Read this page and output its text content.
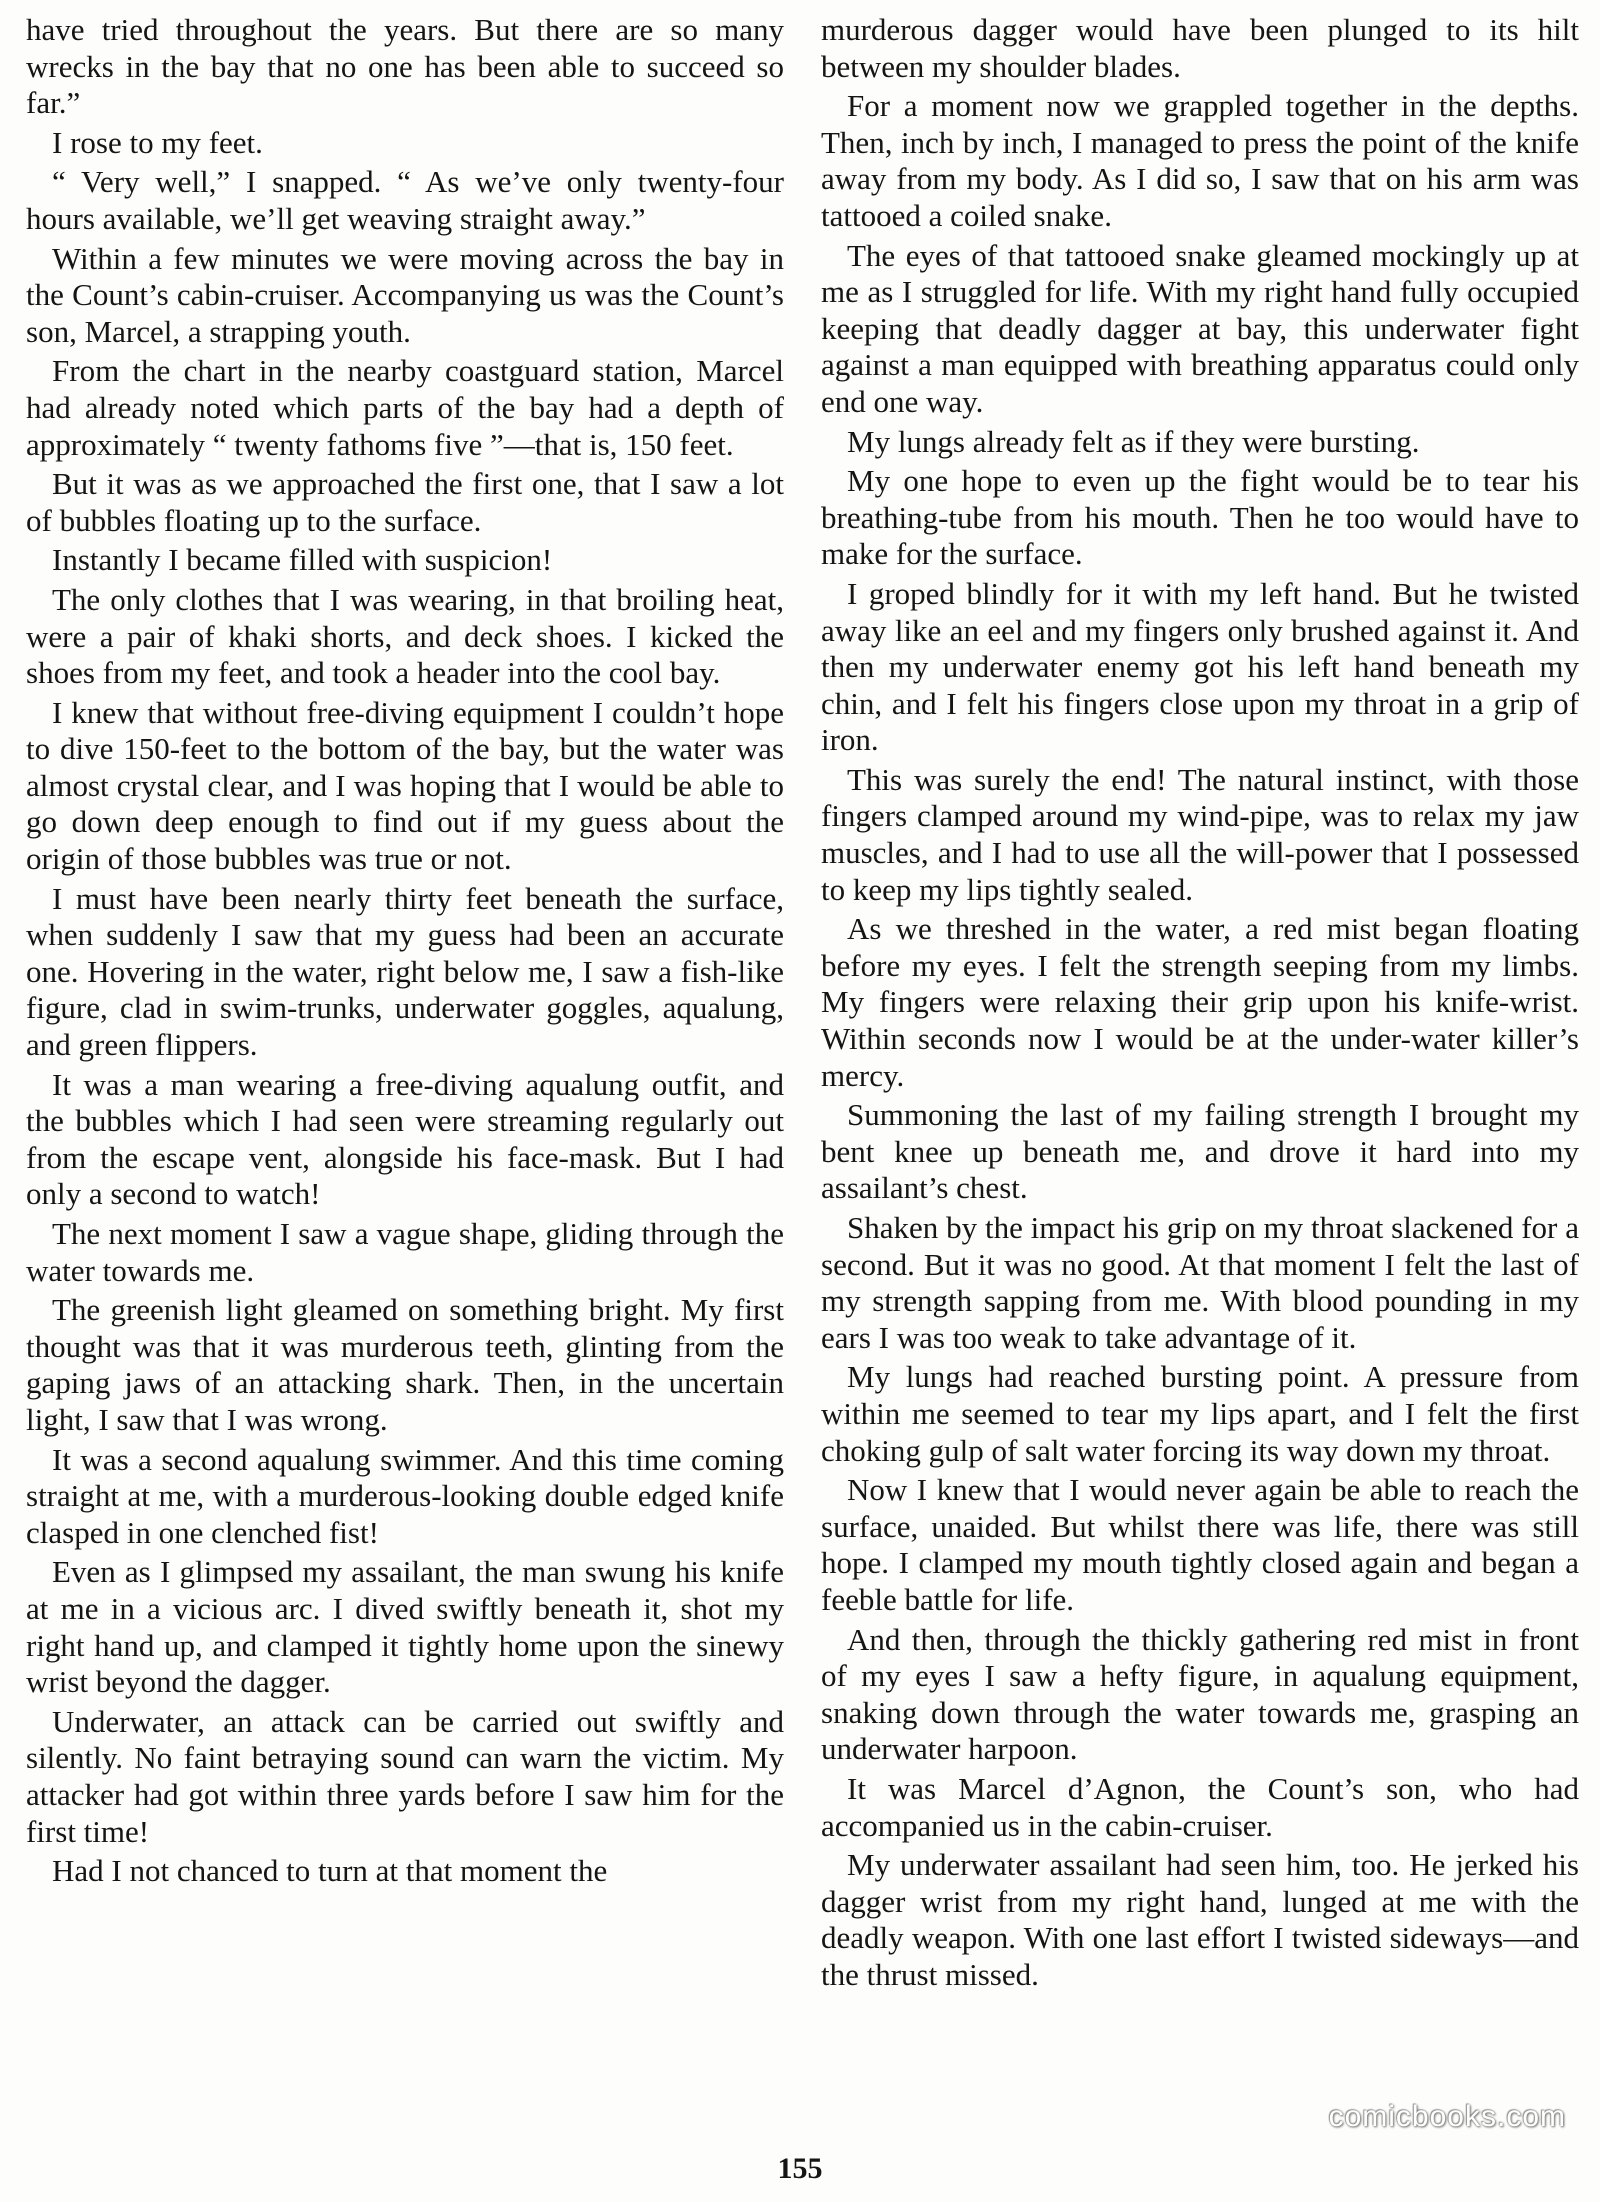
have tried throughout the years. But there are so many wrecks in the bay that no one has been able to succeed so far.”

I rose to my feet.

“ Very well,” I snapped. “ As we’ve only twenty-four hours available, we’ll get weaving straight away.”

Within a few minutes we were moving across the bay in the Count’s cabin-cruiser. Accompanying us was the Count’s son, Marcel, a strapping youth.

From the chart in the nearby coastguard station, Marcel had already noted which parts of the bay had a depth of approximately “ twenty fathoms five ”—that is, 150 feet.

But it was as we approached the first one, that I saw a lot of bubbles floating up to the surface.

Instantly I became filled with suspicion!

The only clothes that I was wearing, in that broiling heat, were a pair of khaki shorts, and deck shoes. I kicked the shoes from my feet, and took a header into the cool bay.

I knew that without free-diving equipment I couldn’t hope to dive 150-feet to the bottom of the bay, but the water was almost crystal clear, and I was hoping that I would be able to go down deep enough to find out if my guess about the origin of those bubbles was true or not.

I must have been nearly thirty feet beneath the surface, when suddenly I saw that my guess had been an accurate one. Hovering in the water, right below me, I saw a fish-like figure, clad in swim-trunks, underwater goggles, aqualung, and green flippers.

It was a man wearing a free-diving aqualung outfit, and the bubbles which I had seen were streaming regularly out from the escape vent, alongside his face-mask. But I had only a second to watch!

The next moment I saw a vague shape, gliding through the water towards me.

The greenish light gleamed on something bright. My first thought was that it was murderous teeth, glinting from the gaping jaws of an attacking shark. Then, in the uncertain light, I saw that I was wrong.

It was a second aqualung swimmer. And this time coming straight at me, with a murderous-looking double edged knife clasped in one clenched fist!

Even as I glimpsed my assailant, the man swung his knife at me in a vicious arc. I dived swiftly beneath it, shot my right hand up, and clamped it tightly home upon the sinewy wrist beyond the dagger.

Underwater, an attack can be carried out swiftly and silently. No faint betraying sound can warn the victim. My attacker had got within three yards before I saw him for the first time!

Had I not chanced to turn at that moment the

murderous dagger would have been plunged to its hilt between my shoulder blades.

For a moment now we grappled together in the depths. Then, inch by inch, I managed to press the point of the knife away from my body. As I did so, I saw that on his arm was tattooed a coiled snake.

The eyes of that tattooed snake gleamed mockingly up at me as I struggled for life. With my right hand fully occupied keeping that deadly dagger at bay, this underwater fight against a man equipped with breathing apparatus could only end one way.

My lungs already felt as if they were bursting.

My one hope to even up the fight would be to tear his breathing-tube from his mouth. Then he too would have to make for the surface.

I groped blindly for it with my left hand. But he twisted away like an eel and my fingers only brushed against it. And then my underwater enemy got his left hand beneath my chin, and I felt his fingers close upon my throat in a grip of iron.

This was surely the end! The natural instinct, with those fingers clamped around my wind-pipe, was to relax my jaw muscles, and I had to use all the will-power that I possessed to keep my lips tightly sealed.

As we threshed in the water, a red mist began floating before my eyes. I felt the strength seeping from my limbs. My fingers were relaxing their grip upon his knife-wrist. Within seconds now I would be at the under-water killer’s mercy.

Summoning the last of my failing strength I brought my bent knee up beneath me, and drove it hard into my assailant’s chest.

Shaken by the impact his grip on my throat slackened for a second. But it was no good. At that moment I felt the last of my strength sapping from me. With blood pounding in my ears I was too weak to take advantage of it.

My lungs had reached bursting point. A pressure from within me seemed to tear my lips apart, and I felt the first choking gulp of salt water forcing its way down my throat.

Now I knew that I would never again be able to reach the surface, unaided. But whilst there was life, there was still hope. I clamped my mouth tightly closed again and began a feeble battle for life.

And then, through the thickly gathering red mist in front of my eyes I saw a hefty figure, in aqualung equipment, snaking down through the water towards me, grasping an underwater harpoon.

It was Marcel d’Agnon, the Count’s son, who had accompanied us in the cabin-cruiser.

My underwater assailant had seen him, too. He jerked his dagger wrist from my right hand, lunged at me with the deadly weapon. With one last effort I twisted sideways—and the thrust missed.

comicbooks.com
155
